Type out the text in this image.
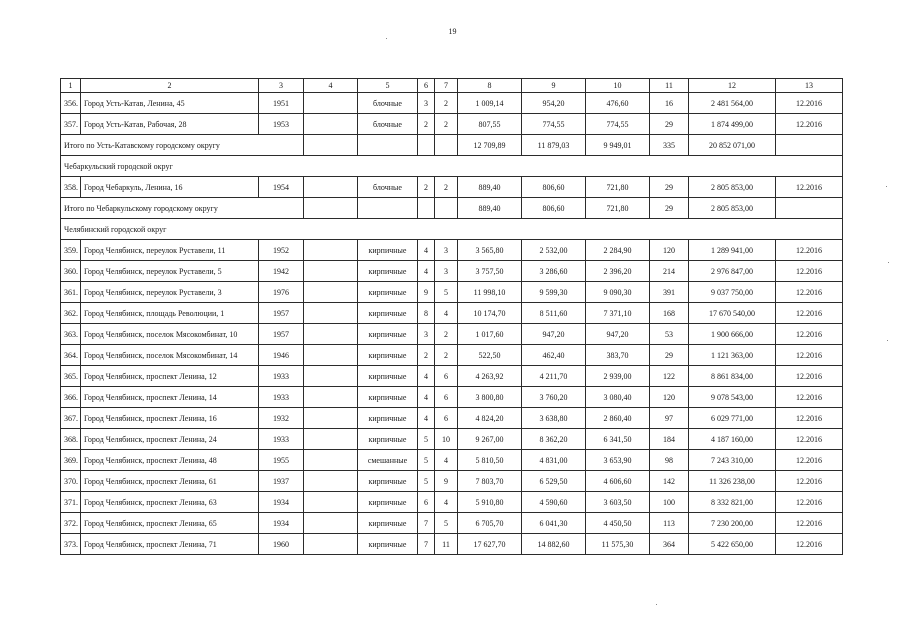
19
1	2	3	4	5	6	7	8	9	10	11	12	13
356.	Город Усть-Катав, Ленина, 45	1951		блочные	3	2	1 009,14	954,20	476,60	16	2 481 564,00	12.2016
357.	Город Усть-Катав, Рабочая, 28	1953		блочные	2	2	807,55	774,55	774,55	29	1 874 499,00	12.2016
Итого по Усть-Катавскому городскому округу							12 709,89	11 879,03	9 949,01	335	20 852 071,00	
Чебаркульский городской округ												
358.	Город Чебаркуль, Ленина, 16	1954		блочные	2	2	889,40	806,60	721,80	29	2 805 853,00	12.2016
Итого по Чебаркульскому городскому округу							889,40	806,60	721,80	29	2 805 853,00	
Челябинский городской округ												
359.	Город Челябинск, переулок Руставели, 11	1952		кирпичные	4	3	3 565,80	2 532,00	2 284,90	120	1 289 941,00	12.2016
360.	Город Челябинск, переулок Руставели, 5	1942		кирпичные	4	3	3 757,50	3 286,60	2 396,20	214	2 976 847,00	12.2016
361.	Город Челябинск, переулок Руставели, 3	1976		кирпичные	9	5	11 998,10	9 599,30	9 090,30	391	9 037 750,00	12.2016
362.	Город Челябинск, площадь Революции, 1	1957		кирпичные	8	4	10 174,70	8 511,60	7 371,10	168	17 670 540,00	12.2016
363.	Город Челябинск, поселок Мясокомбинат, 10	1957		кирпичные	3	2	1 017,60	947,20	947,20	53	1 900 666,00	12.2016
364.	Город Челябинск, поселок Мясокомбинат, 14	1946		кирпичные	2	2	522,50	462,40	383,70	29	1 121 363,00	12.2016
365.	Город Челябинск, проспект Ленина, 12	1933		кирпичные	4	6	4 263,92	4 211,70	2 939,00	122	8 861 834,00	12.2016
366.	Город Челябинск, проспект Ленина, 14	1933		кирпичные	4	6	3 800,80	3 760,20	3 080,40	120	9 078 543,00	12.2016
367.	Город Челябинск, проспект Ленина, 16	1932		кирпичные	4	6	4 824,20	3 638,80	2 860,40	97	6 029 771,00	12.2016
368.	Город Челябинск, проспект Ленина, 24	1933		кирпичные	5	10	9 267,00	8 362,20	6 341,50	184	4 187 160,00	12.2016
369.	Город Челябинск, проспект Ленина, 48	1955		смешанные	5	4	5 810,50	4 831,00	3 653,90	98	7 243 310,00	12.2016
370.	Город Челябинск, проспект Ленина, 61	1937		кирпичные	5	9	7 803,70	6 529,50	4 606,60	142	11 326 238,00	12.2016
371.	Город Челябинск, проспект Ленина, 63	1934		кирпичные	6	4	5 910,80	4 590,60	3 603,50	100	8 332 821,00	12.2016
372.	Город Челябинск, проспект Ленина, 65	1934		кирпичные	7	5	6 705,70	6 041,30	4 450,50	113	7 230 200,00	12.2016
373.	Город Челябинск, проспект Ленина, 71	1960		кирпичные	7	11	17 627,70	14 882,60	11 575,30	364	5 422 650,00	12.2016
